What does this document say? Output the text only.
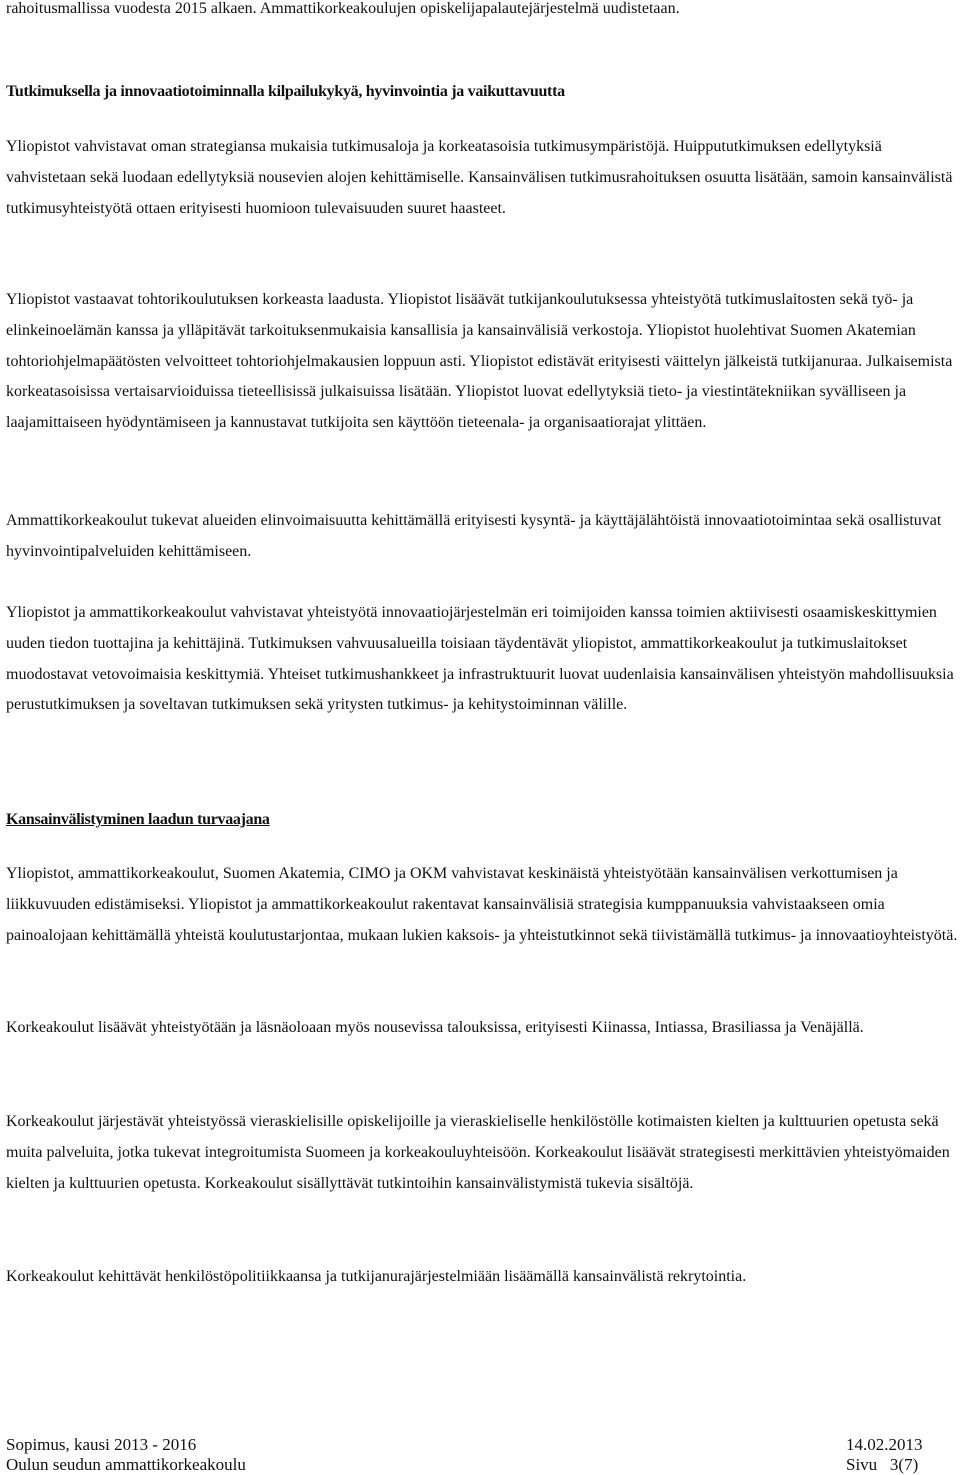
rahoitusmallissa vuodesta 2015 alkaen. Ammattikorkeakoulujen opiskelijapalautejärjestelmä uudistetaan.
Tutkimuksella ja innovaatiotoiminnalla kilpailukykyä, hyvinvointia ja vaikuttavuutta
Yliopistot vahvistavat oman strategiansa mukaisia tutkimusaloja ja korkeatasoisia tutkimusympäristöjä. Huippututkimuksen edellytyksiä vahvistetaan sekä luodaan edellytyksiä nousevien alojen kehittämiselle. Kansainvälisen tutkimusrahoituksen osuutta lisätään, samoin kansainvälistä tutkimusyhteistyötä ottaen erityisesti huomioon tulevaisuuden suuret haasteet.
Yliopistot vastaavat tohtorikoulutuksen korkeasta laadusta. Yliopistot lisäävät tutkijankoulutuksessa yhteistyötä tutkimuslaitosten sekä työ- ja elinkeinoelämän kanssa ja ylläpitävät tarkoituksenmukaisia kansallisia ja kansainvälisiä verkostoja. Yliopistot huolehtivat Suomen Akatemian tohtoriohjelmapäätösten velvoitteet tohtoriohjelmakausien loppuun asti. Yliopistot edistävät erityisesti väittelyn jälkeistä tutkijanuraa. Julkaisemista korkeatasoisissa vertaisarvioiduissa tieteellisissä julkaisuissa lisätään. Yliopistot luovat edellytyksiä tieto- ja viestintätekniikan syvälliseen ja laajamittaiseen hyödyntämiseen ja kannustavat tutkijoita sen käyttöön tieteenala- ja organisaatiorajat ylittäen.
Ammattikorkeakoulut tukevat alueiden elinvoimaisuutta kehittämällä erityisesti kysyntä- ja käyttäjälähtöistä innovaatiotoimintaa sekä osallistuvat hyvinvointipalveluiden kehittämiseen.
Yliopistot ja ammattikorkeakoulut vahvistavat yhteistyötä innovaatiojärjestelmän eri toimijoiden kanssa toimien aktiivisesti osaamiskeskittymien uuden tiedon tuottajina ja kehittäjinä. Tutkimuksen vahvuusalueilla toisiaan täydentävät yliopistot, ammattikorkeakoulut ja tutkimuslaitokset muodostavat vetovoimaisia keskittymiä. Yhteiset tutkimushankkeet ja infrastruktuurit luovat uudenlaisia kansainvälisen yhteistyön mahdollisuuksia perustutkimuksen ja soveltavan tutkimuksen sekä yritysten tutkimus- ja kehitystoiminnan välille.
Kansainvälistyminen laadun turvaajana
Yliopistot, ammattikorkeakoulut, Suomen Akatemia, CIMO ja OKM vahvistavat keskinäistä yhteistyötään kansainvälisen verkottumisen ja liikkuvuuden edistämiseksi. Yliopistot ja ammattikorkeakoulut rakentavat kansainvälisiä strategisia kumppanuuksia vahvistaakseen omia painoalojaan kehittämällä yhteistä koulutustarjontaa, mukaan lukien kaksois- ja yhteistutkinnot sekä tiivistämällä tutkimus- ja innovaatioyhteistyötä.
Korkeakoulut lisäävät yhteistyötään ja läsnäoloaan myös nousevissa talouksissa, erityisesti Kiinassa, Intiassa, Brasiliassa ja Venäjällä.
Korkeakoulut järjestävät yhteistyössä vieraskielisille opiskelijoille ja vieraskieliselle henkilöstölle kotimaisten kielten ja kulttuurien opetusta sekä muita palveluita, jotka tukevat integroitumista Suomeen ja korkeakouluyhteisöön. Korkeakoulut lisäävät strategisesti merkittävien yhteistyömaiden kielten ja kulttuurien opetusta. Korkeakoulut sisällyttävät tutkintoihin kansainvälistymistä tukevia sisältöjä.
Korkeakoulut kehittävät henkilöstöpolitiikkaansa ja tutkijanurajärjestelmiään lisäämällä kansainvälistä rekrytointia.
Sopimus, kausi 2013 - 2016
Oulun seudun ammattikorkeakoulu
14.02.2013
Sivu   3(7)
